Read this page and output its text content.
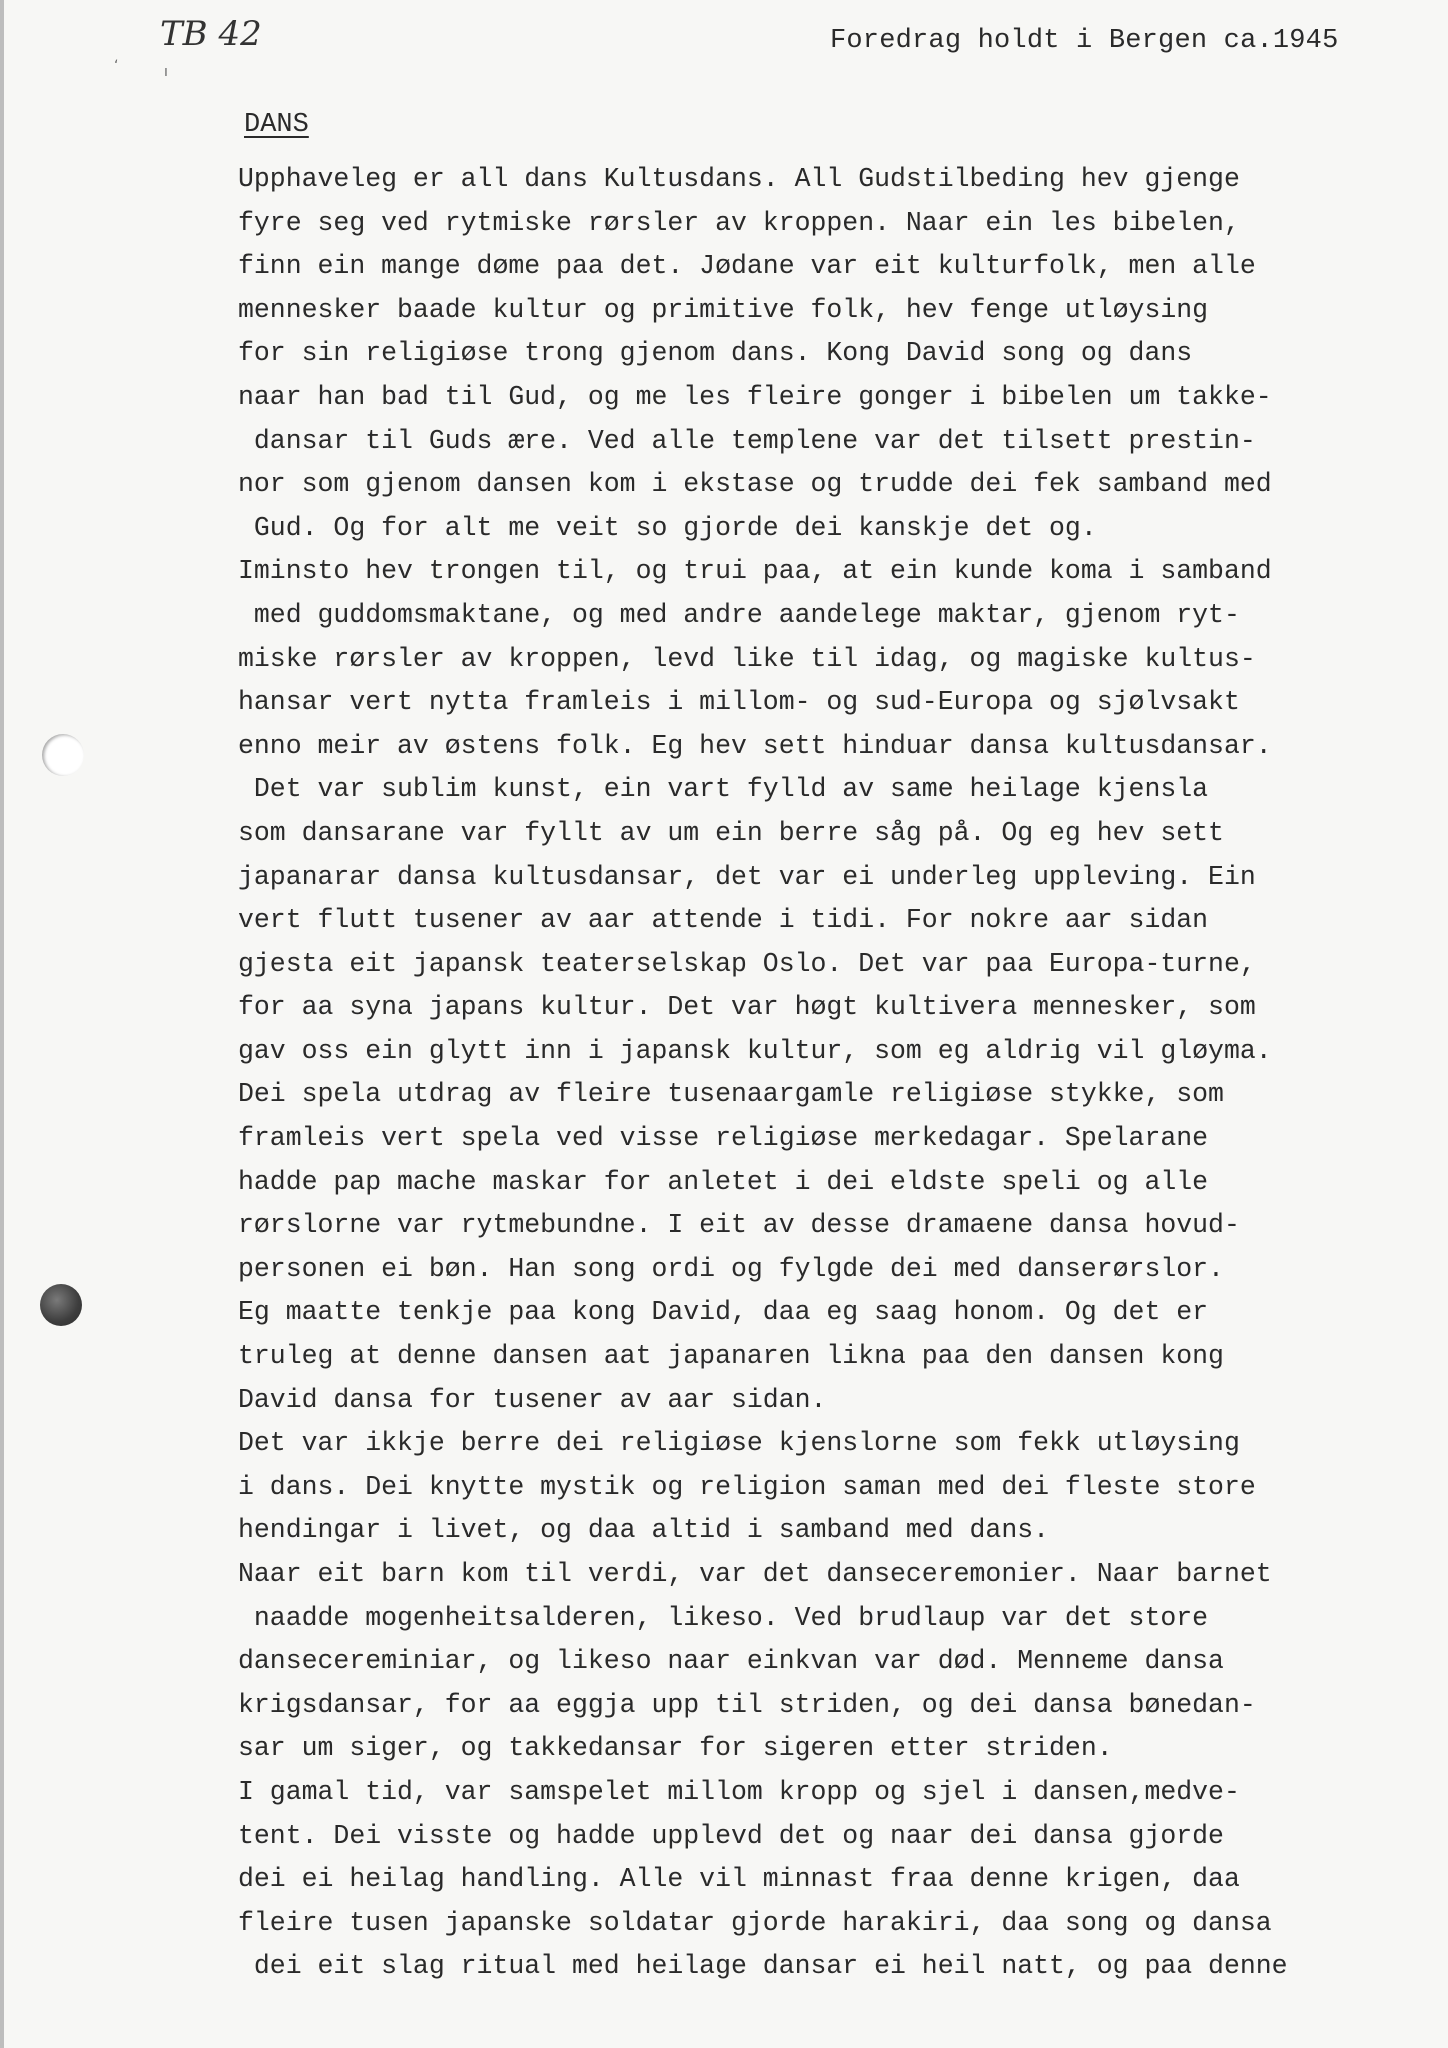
TB 42
‘	ı
Foredrag holdt i Bergen ca.1945
DANS
Upphaveleg er all dans Kultusdans. All Gudstilbeding hev gjenge
fyre seg ved rytmiske rørsler av kroppen. Naar ein les bibelen,
finn ein mange døme paa det. Jødane var eit kulturfolk, men alle
mennesker baade kultur og primitive folk, hev fenge utløysing
for sin religiøse trong gjenom dans. Kong David song og dans
naar han bad til Gud, og me les fleire gonger i bibelen um takke-
dansar til Guds ære. Ved alle templene var det tilsett prestin-
nor som gjenom dansen kom i ekstase og trudde dei fek samband med
Gud. Og for alt me veit so gjorde dei kanskje det og.
Iminsto hev trongen til, og trui paa, at ein kunde koma i samband
med guddomsmaktane, og med andre aandelege maktar, gjenom ryt-
miske rørsler av kroppen, levd like til idag, og magiske kultus-
hansar vert nytta framleis i millom- og sud-Europa og sjølvsakt
enno meir av østens folk. Eg hev sett hinduar dansa kultusdansar.
Det var sublim kunst, ein vart fylld av same heilage kjensla
som dansarane var fyllt av um ein berre såg på. Og eg hev sett
japanarar dansa kultusdansar, det var ei underleg uppleving. Ein
vert flutt tusener av aar attende i tidi. For nokre aar sidan
gjesta eit japansk teaterselskap Oslo. Det var paa Europa-turne,
for aa syna japans kultur. Det var høgt kultivera mennesker, som
gav oss ein glytt inn i japansk kultur, som eg aldrig vil gløyma.
Dei spela utdrag av fleire tusenaargamle religiøse stykke, som
framleis vert spela ved visse religiøse merkedagar. Spelarane
hadde pap mache maskar for anletet i dei eldste speli og alle
rørslorne var rytmebundne. I eit av desse dramaene dansa hovud-
personen ei bøn. Han song ordi og fylgde dei med danserørslor.
Eg maatte tenkje paa kong David, daa eg saag honom. Og det er
truleg at denne dansen aat japanaren likna paa den dansen kong
David dansa for tusener av aar sidan.
Det var ikkje berre dei religiøse kjenslorne som fekk utløysing
i dans. Dei knytte mystik og religion saman med dei fleste store
hendingar i livet, og daa altid i samband med dans.
Naar eit barn kom til verdi, var det danseceremonier. Naar barnet
naadde mogenheitsalderen, likeso. Ved brudlaup var det store
dansecereminiar, og likeso naar einkvan var død. Menneme dansa
krigsdansar, for aa eggja upp til striden, og dei dansa bønedan-
sar um siger, og takkedansar for sigeren etter striden.
I gamal tid, var samspelet millom kropp og sjel i dansen,medve-
tent. Dei visste og hadde upplevd det og naar dei dansa gjorde
dei ei heilag handling. Alle vil minnast fraa denne krigen, daa
fleire tusen japanske soldatar gjorde harakiri, daa song og dansa
dei eit slag ritual med heilage dansar ei heil natt, og paa denne
